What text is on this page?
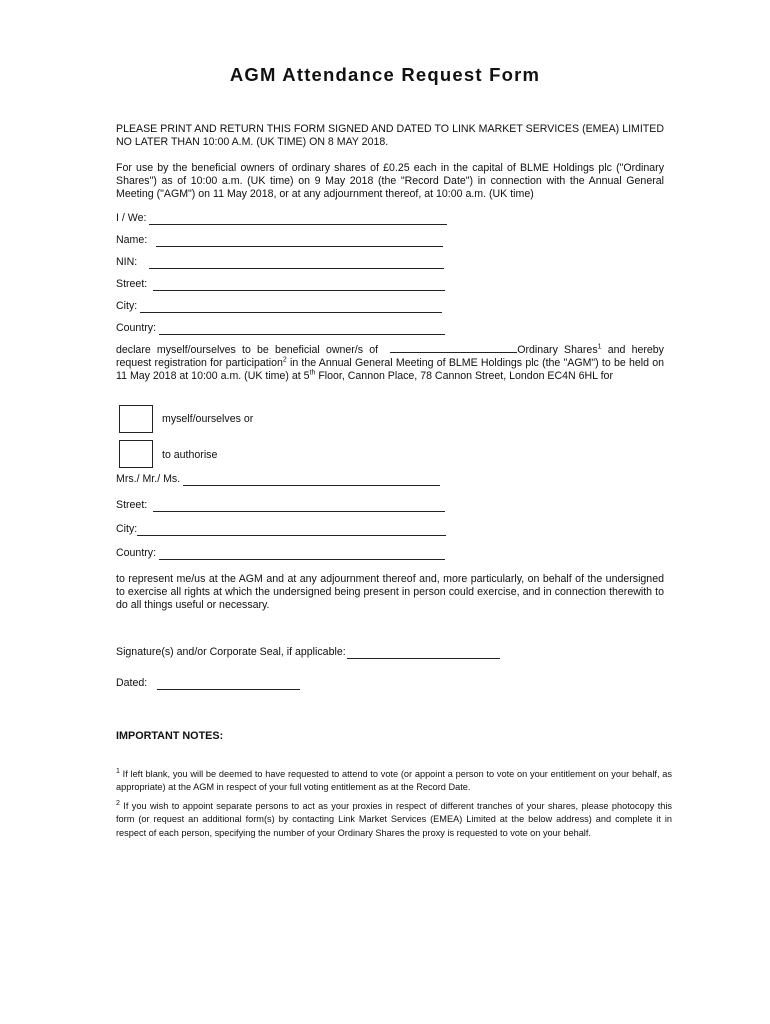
AGM Attendance Request Form
PLEASE PRINT AND RETURN THIS FORM SIGNED AND DATED TO LINK MARKET SERVICES (EMEA) LIMITED NO LATER THAN 10:00 A.M. (UK TIME) ON 8 MAY 2018.
For use by the beneficial owners of ordinary shares of £0.25 each in the capital of BLME Holdings plc ("Ordinary Shares") as of 10:00 a.m. (UK time) on 9 May 2018 (the "Record Date") in connection with the Annual General Meeting ("AGM") on 11 May 2018, or at any adjournment thereof, at 10:00 a.m. (UK time)
I / We:
Name:
NIN:
Street:
City:
Country:
declare myself/ourselves to be beneficial owner/s of	Ordinary Shares$^1$ and hereby request registration for participation$^2$ in the Annual General Meeting of BLME Holdings plc (the "AGM") to be held on 11 May 2018 at 10:00 a.m. (UK time) at 5th Floor, Cannon Place, 78 Cannon Street, London EC4N 6HL for
myself/ourselves or
to authorise
Mrs./ Mr./ Ms.
Street:
City:
Country:
to represent me/us at the AGM and at any adjournment thereof and, more particularly, on behalf of the undersigned to exercise all rights at which the undersigned being present in person could exercise, and in connection therewith to do all things useful or necessary.
Signature(s) and/or Corporate Seal, if applicable:
Dated:
IMPORTANT NOTES:
$^1$ If left blank, you will be deemed to have requested to attend to vote (or appoint a person to vote on your entitlement on your behalf, as appropriate) at the AGM in respect of your full voting entitlement as at the Record Date.
$^2$ If you wish to appoint separate persons to act as your proxies in respect of different tranches of your shares, please photocopy this form (or request an additional form(s) by contacting Link Market Services (EMEA) Limited at the below address) and complete it in respect of each person, specifying the number of your Ordinary Shares the proxy is requested to vote on your behalf.
